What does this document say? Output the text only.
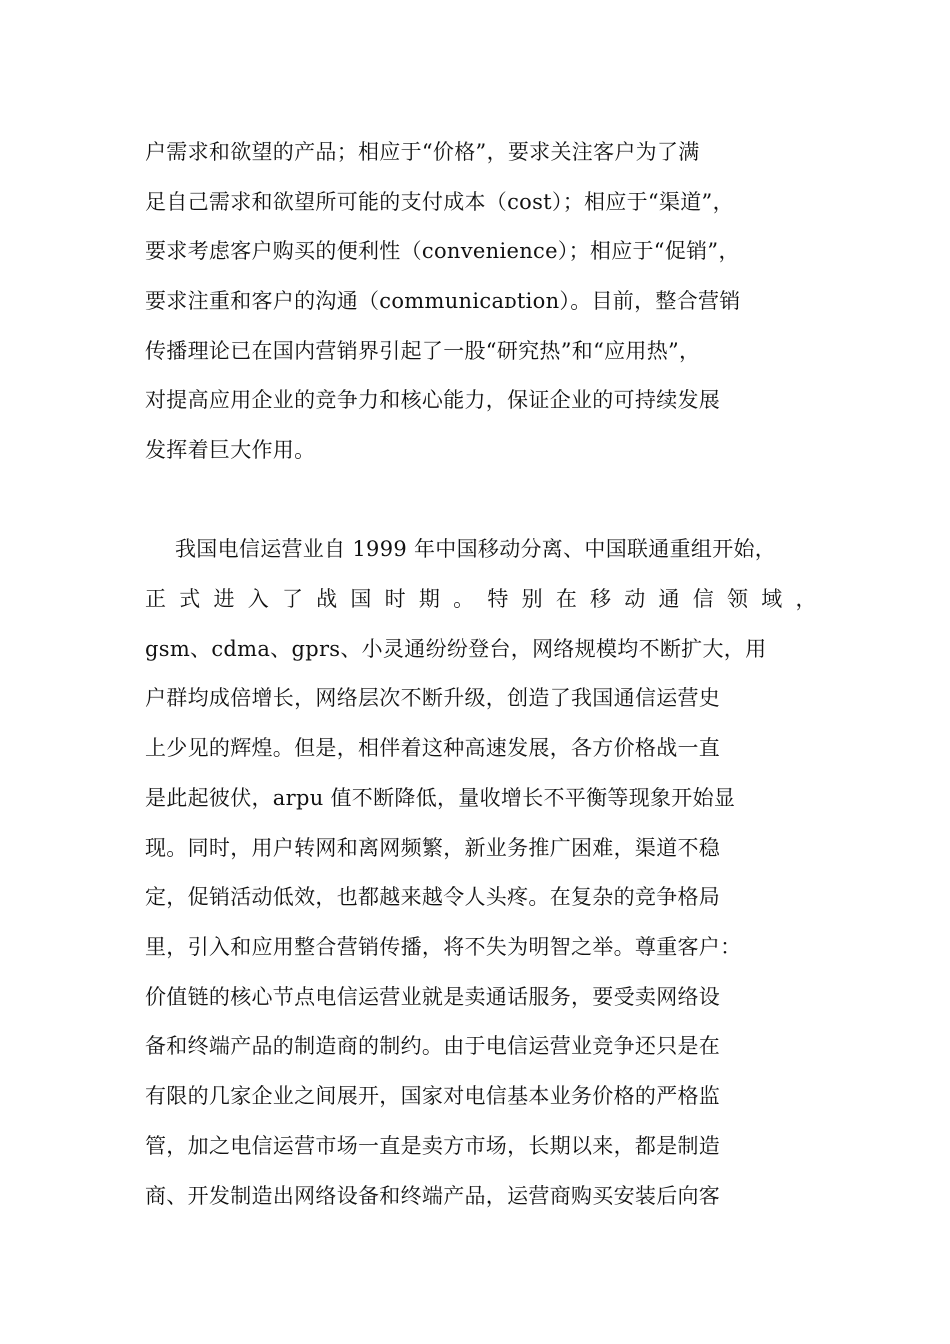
户需求和欲望的产品；相应于“价格”，要求关注客户为了满
足自己需求和欲望所可能的支付成本（cost）；相应于“渠道”，
要求考虑客户购买的便利性（convenience）；相应于“促销”，
要求注重和客户的沟通（communicaᴅtion）。目前，整合营销
传播理论已在国内营销界引起了一股“研究热”和“应用热”，
对提高应用企业的竞争力和核心能力，保证企业的可持续发展
发挥着巨大作用。
我国电信运营业自 1999 年中国移动分离、中国联通重组开始，
正 式 进 入 了 战 国 时 期 。 特 别 在 移 动 通 信 领 域 ，
gsm、cdma、gprs、小灵通纷纷登台，网络规模均不断扩大，用
户群均成倍增长，网络层次不断升级，创造了我国通信运营史
上少见的辉煌。但是，相伴着这种高速发展，各方价格战一直
是此起彼伏，arpu 值不断降低，量收增长不平衡等现象开始显
现。同时，用户转网和离网频繁，新业务推广困难，渠道不稳
定，促销活动低效，也都越来越令人头疼。在复杂的竞争格局
里，引入和应用整合营销传播，将不失为明智之举。尊重客户：
价值链的核心节点电信运营业就是卖通话服务，要受卖网络设
备和终端产品的制造商的制约。由于电信运营业竞争还只是在
有限的几家企业之间展开，国家对电信基本业务价格的严格监
管，加之电信运营市场一直是卖方市场，长期以来，都是制造
商、开发制造出网络设备和终端产品，运营商购买安装后向客
